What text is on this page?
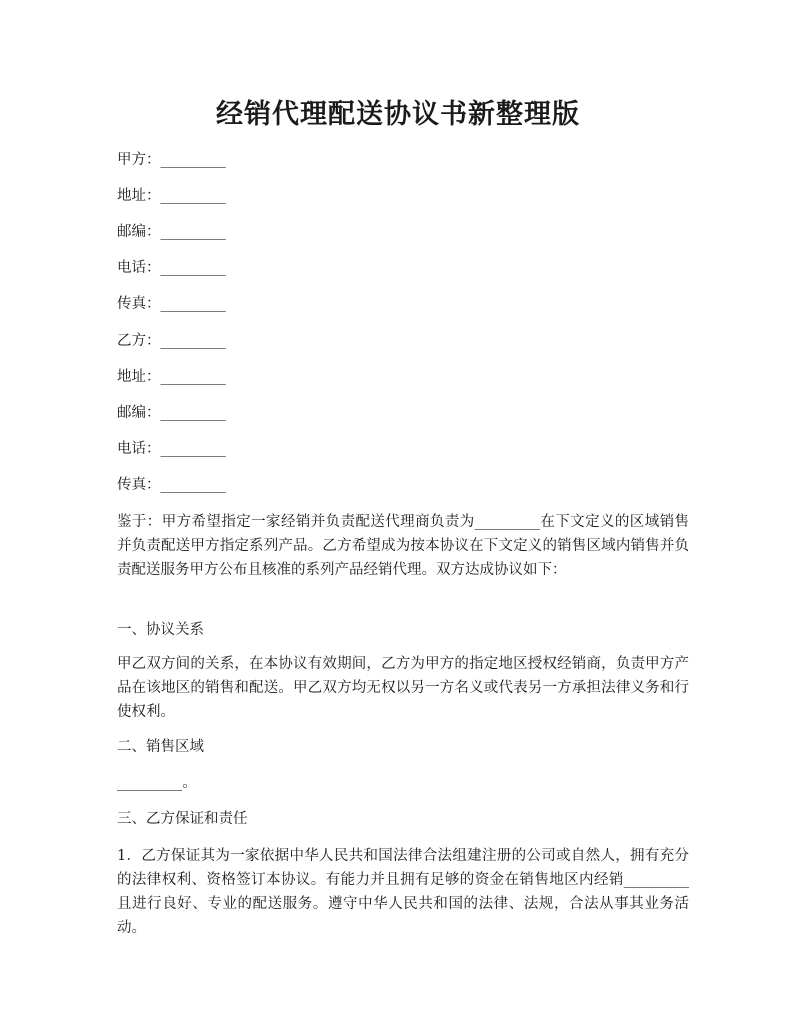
经销代理配送协议书新整理版
甲方：_________
地址：_________
邮编：_________
电话：_________
传真：_________
乙方：_________
地址：_________
邮编：_________
电话：_________
传真：_________
鉴于：甲方希望指定一家经销并负责配送代理商负责为_________在下文定义的区域销售并负责配送甲方指定系列产品。乙方希望成为按本协议在下文定义的销售区域内销售并负责配送服务甲方公布且核准的系列产品经销代理。双方达成协议如下：
一、协议关系
甲乙双方间的关系，在本协议有效期间，乙方为甲方的指定地区授权经销商，负责甲方产品在该地区的销售和配送。甲乙双方均无权以另一方名义或代表另一方承担法律义务和行使权利。
二、销售区域
_________。
三、乙方保证和责任
1．乙方保证其为一家依据中华人民共和国法律合法组建注册的公司或自然人，拥有充分的法律权利、资格签订本协议。有能力并且拥有足够的资金在销售地区内经销_________且进行良好、专业的配送服务。遵守中华人民共和国的法律、法规，合法从事其业务活动。
